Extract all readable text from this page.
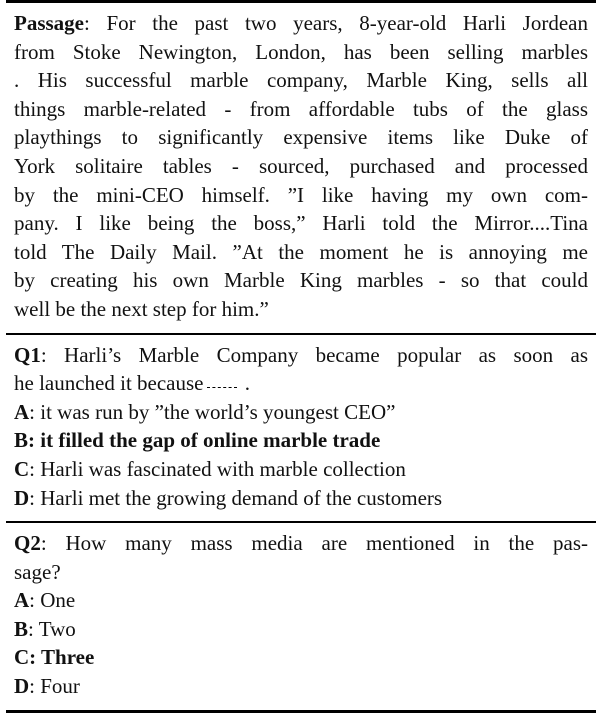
Passage: For the past two years, 8-year-old Harli Jordean
from Stoke Newington, London, has been selling marbles
. His successful marble company, Marble King, sells all
things marble-related - from affordable tubs of the glass
playthings to significantly expensive items like Duke of
York solitaire tables - sourced, purchased and processed
by the mini-CEO himself. ”I like having my own com-
pany. I like being the boss,” Harli told the Mirror....Tina
told The Daily Mail. ”At the moment he is annoying me
by creating his own Marble King marbles - so that could
well be the next step for him.”
Q1: Harli’s Marble Company became popular as soon as
he launched it because .
A: it was run by ”the world’s youngest CEO”
B: it filled the gap of online marble trade
C: Harli was fascinated with marble collection
D: Harli met the growing demand of the customers
Q2: How many mass media are mentioned in the pas-
sage?
A: One
B: Two
C: Three
D: Four
